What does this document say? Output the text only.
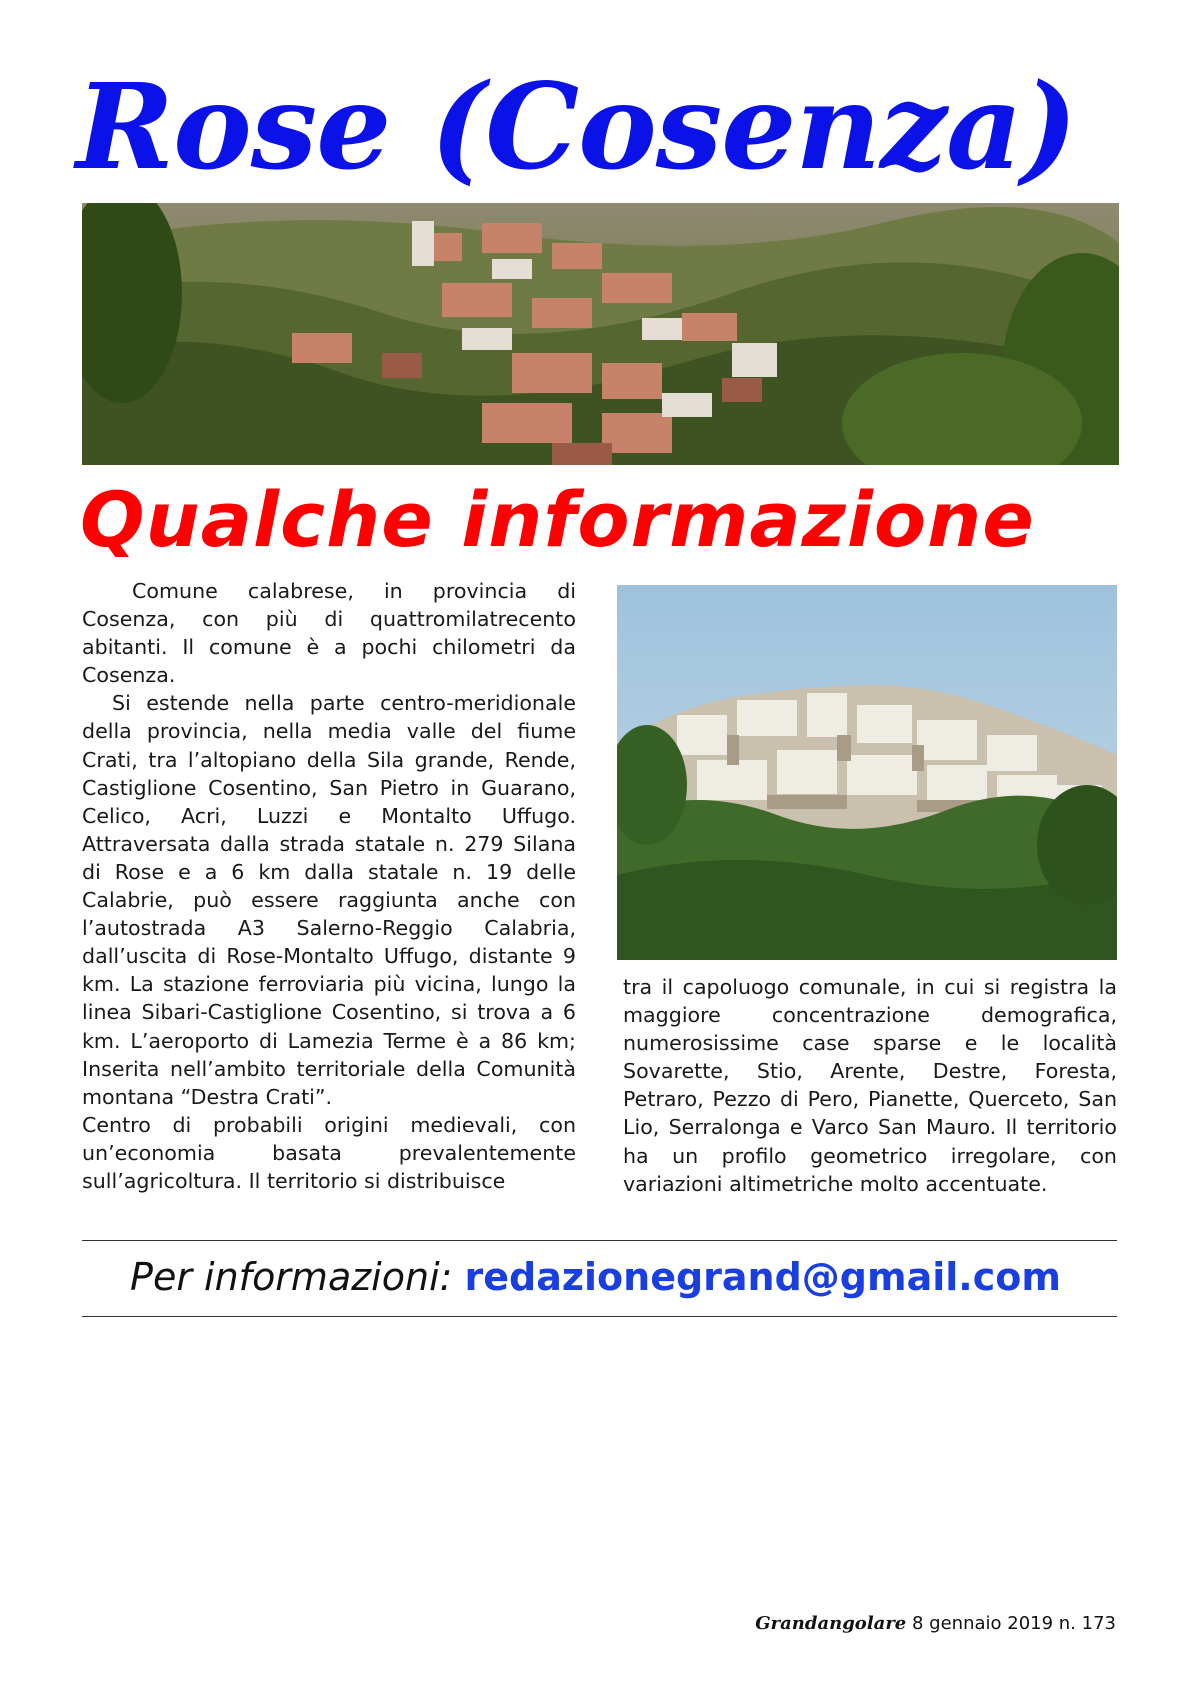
Rose (Cosenza)
Qualche informazione

Comune calabrese, in provincia di Cosenza, con più di quattromilatrecento abitanti. Il comune è a pochi chilometri da Cosenza.

Si estende nella parte centro-meridionale della provincia, nella media valle del fiume Crati, tra l’altopiano della Sila grande, Rende, Castiglione Cosentino, San Pietro in Guarano, Celico, Acri, Luzzi e Montalto Uffugo. Attraversata dalla strada statale n. 279 Silana di Rose e a 6 km dalla statale n. 19 delle Calabrie, può essere raggiunta anche con l’autostrada A3 Salerno-Reggio Calabria, dall’uscita di Rose-Montalto Uffugo, distante 9 km. La stazione ferroviaria più vicina, lungo la linea Sibari-Castiglione Cosentino, si trova a 6 km. L’aeroporto di Lamezia Terme è a 86 km; Inserita nell’ambito territoriale della Comunità montana “Destra Crati”.

Centro di probabili origini medievali, con un’economia basata prevalentemente sull’agricoltura. Il territorio si distribuisce

tra il capoluogo comunale, in cui si registra la maggiore concentrazione demografica, numerosissime case sparse e le località Sovarette, Stio, Arente, Destre, Foresta, Petraro, Pezzo di Pero, Pianette, Querceto, San Lio, Serralonga e Varco San Mauro. Il territorio ha un profilo geometrico irregolare, con variazioni altimetriche molto accentuate.

Per informazioni: redazionegrand@gmail.com
Grandangolare 8 gennaio 2019 n. 173
